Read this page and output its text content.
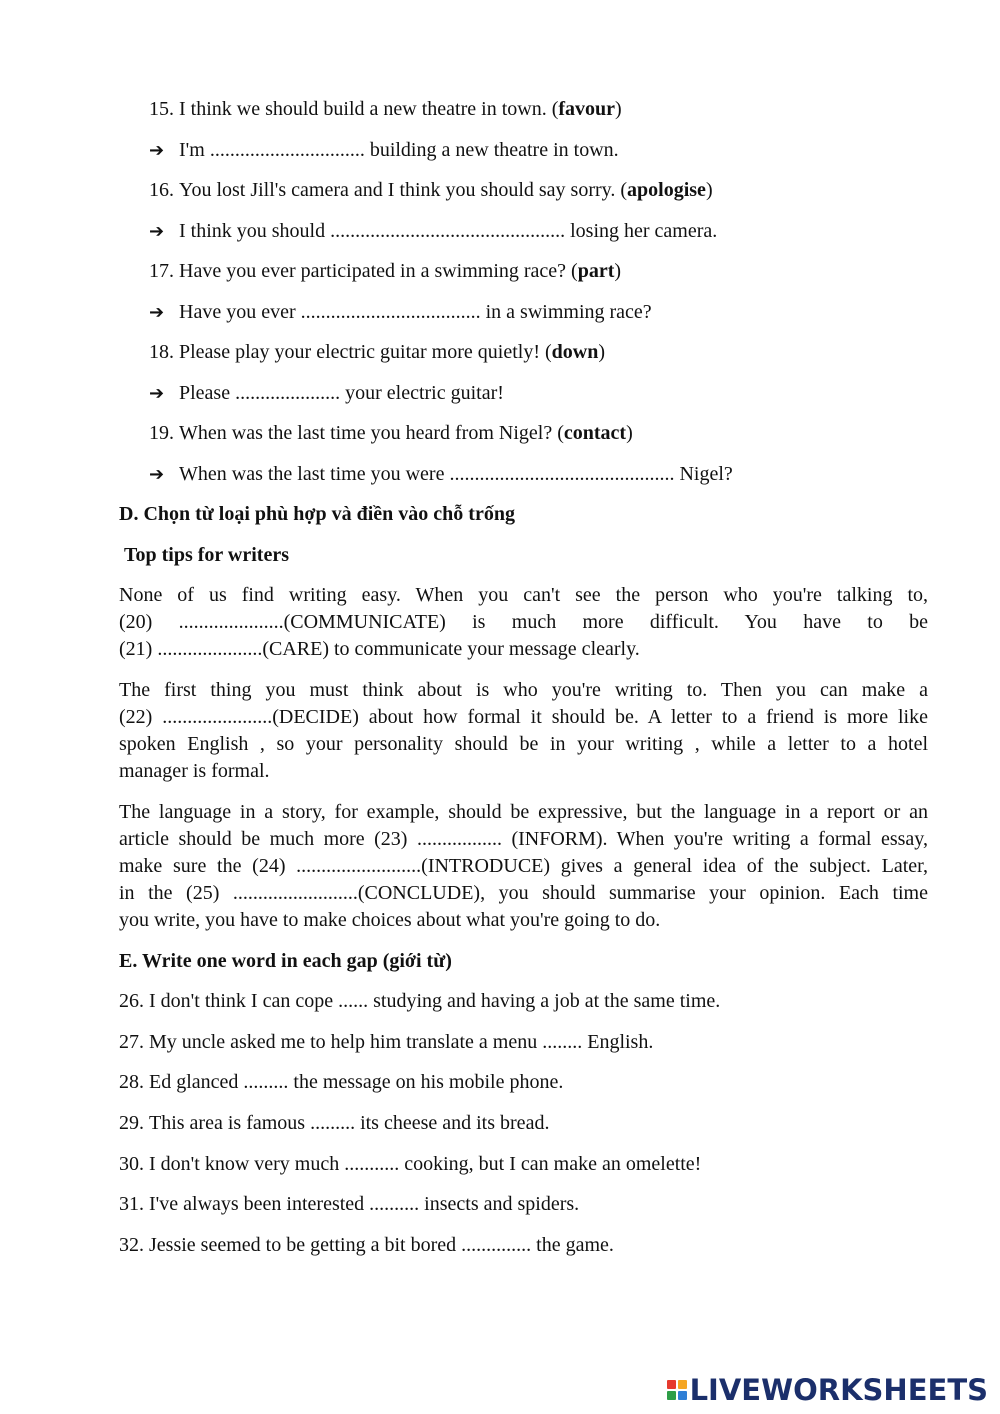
15. I think we should build a new theatre in town. (favour)
➔ I'm ............................... building a new theatre in town.
16. You lost Jill's camera and I think you should say sorry. (apologise)
➔ I think you should ............................................... losing her camera.
17. Have you ever participated in a swimming race? (part)
➔ Have you ever .................................... in a swimming race?
18. Please play your electric guitar more quietly! (down)
➔ Please ..................... your electric guitar!
19. When was the last time you heard from Nigel? (contact)
➔ When was the last time you were ............................................. Nigel?
D. Chọn từ loại phù hợp và điền vào chỗ trống
Top tips for writers
None of us find writing easy. When you can't see the person who you're talking to,
(20) .....................(COMMUNICATE) is much more difficult. You have to be
(21) .....................(CARE) to communicate your message clearly.
The first thing you must think about is who you're writing to. Then you can make a
(22) ......................(DECIDE) about how formal it should be. A letter to a friend is more like
spoken English , so your personality should be in your writing , while a letter to a hotel
manager is formal.
The language in a story, for example, should be expressive, but the language in a report or an
article should be much more (23) ................. (INFORM). When you're writing a formal essay,
make sure the (24) .........................(INTRODUCE) gives a general idea of the subject. Later,
in the (25) .........................(CONCLUDE), you should summarise your opinion. Each time
you write, you have to make choices about what you're going to do.
E. Write one word in each gap (giới từ)
26. I don't think I can cope ...... studying and having a job at the same time.
27. My uncle asked me to help him translate a menu ........ English.
28. Ed glanced ......... the message on his mobile phone.
29. This area is famous ......... its cheese and its bread.
30. I don't know very much ........... cooking, but I can make an omelette!
31. I've always been interested .......... insects and spiders.
32. Jessie seemed to be getting a bit bored .............. the game.
LIVEWORKSHEETS
